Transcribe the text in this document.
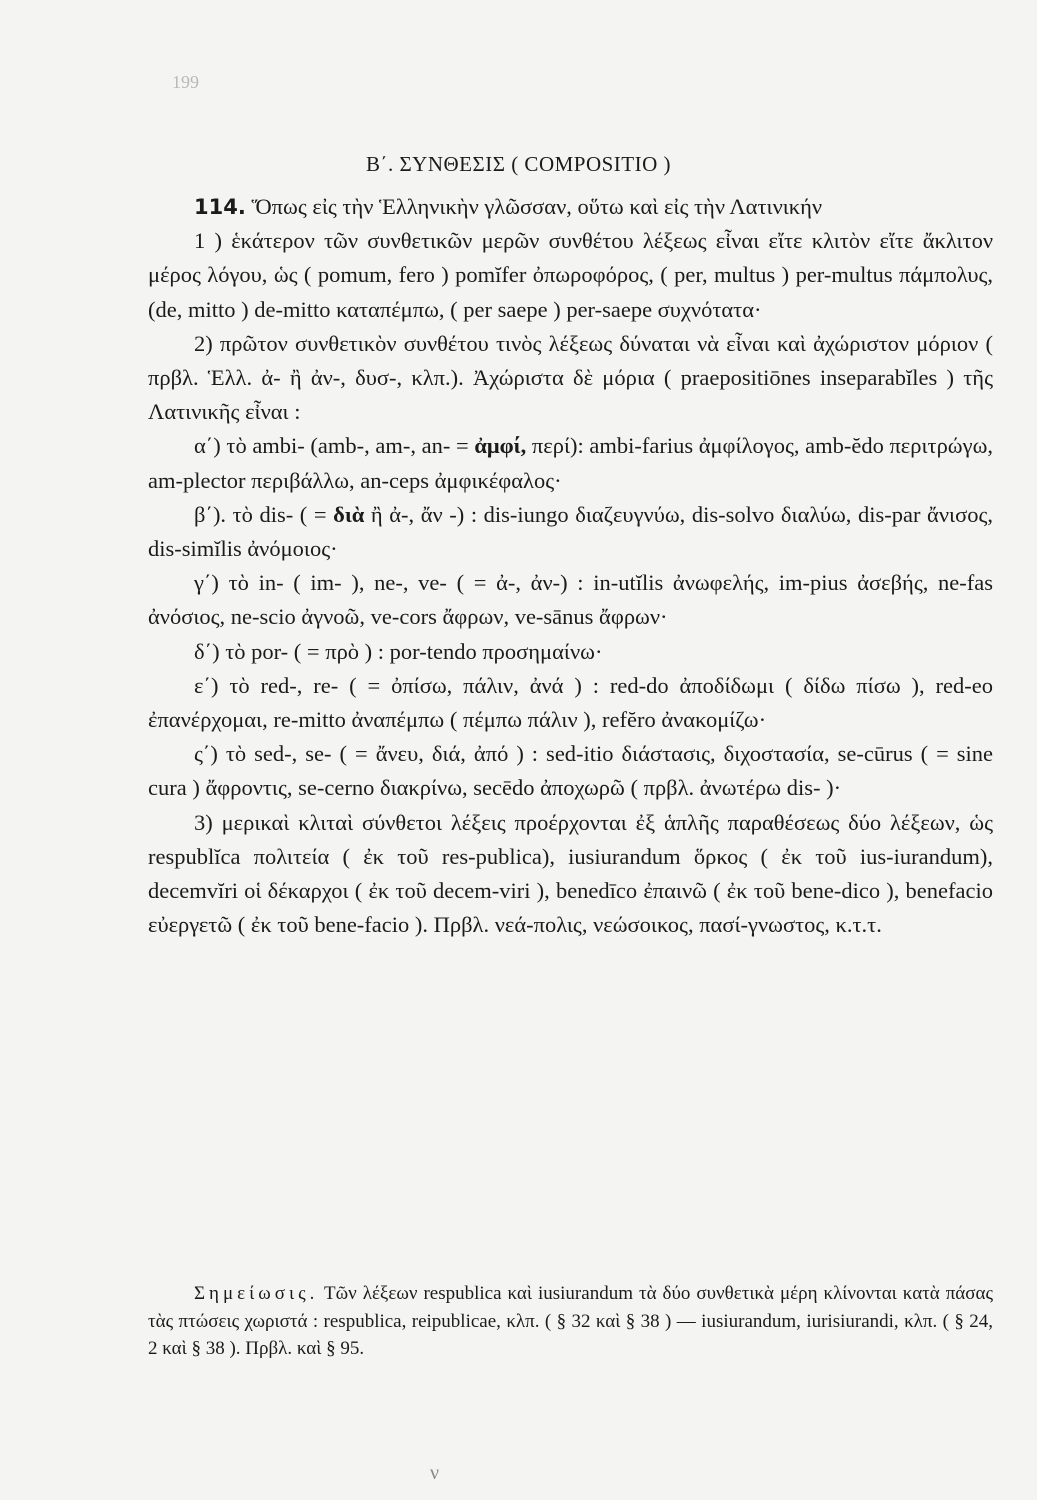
199
Β΄. ΣΥΝΘΕΣΙΣ ( COMPOSITIO )

114. Ὅπως εἰς τὴν Ἑλληνικὴν γλῶσσαν, οὕτω καὶ εἰς τὴν Λατινικήν

1 ) ἑκάτερον τῶν συνθετικῶν μερῶν συνθέτου λέξεως εἶναι εἴτε κλιτὸν εἴτε ἄκλιτον μέρος λόγου, ὡς ( pomum, fero ) pomĭfer ὀπωροφόρος, ( per, multus ) per-multus πάμπολυς, (de, mitto ) de-mitto καταπέμπω, ( per saepe ) per-saepe συχνότατα·

2) πρῶτον συνθετικὸν συνθέτου τινὸς λέξεως δύναται νὰ εἶναι καὶ ἀχώριστον μόριον ( πρβλ. Ἑλλ. ἀ- ἢ ἀν-, δυσ-, κλπ.). Ἀχώριστα δὲ μόρια ( praepositiōnes inseparabĭles ) τῆς Λατινικῆς εἶναι :

α΄) τὸ ambi- (amb-, am-, an- = ἀμφί, περί): ambi-farius ἀμφίλογος, amb-ĕdo περιτρώγω, am-plector περιβάλλω, an-ceps ἀμφικέφαλος·

β΄). τὸ dis- ( = διὰ ἢ ἀ-, ἄν -) : dis-iungo διαζευγνύω, dis-solvo διαλύω, dis-par ἄνισος, dis-simĭlis ἀνόμοιος·

γ΄) τὸ in- ( im- ), ne-, ve- ( = ἀ-, ἀν-) : in-utĭlis ἀνωφελής, im-pius ἀσεβής, ne-fas ἀνόσιος, ne-scio ἀγνοῶ, ve-cors ἄφρων, ve-sānus ἄφρων·

δ΄) τὸ por- ( = πρὸ ) : por-tendo προσημαίνω·

ε΄) τὸ red-, re- ( = ὀπίσω, πάλιν, ἀνά ) : red-do ἀποδίδωμι ( δίδω πίσω ), red-eo ἐπανέρχομαι, re-mitto ἀναπέμπω ( πέμπω πάλιν ), refĕro ἀνακομίζω·

ς΄) τὸ sed-, se- ( = ἄνευ, διά, ἀπό ) : sed-itio διάστασις, διχοστασία, se-cūrus ( = sine cura ) ἄφροντις, se-cerno διακρίνω, secēdo ἀποχωρῶ ( πρβλ. ἀνωτέρω dis- )·

3) μερικαὶ κλιταὶ σύνθετοι λέξεις προέρχονται ἐξ ἁπλῆς παραθέσεως δύο λέξεων, ὡς respublĭca πολιτεία ( ἐκ τοῦ res-publica), iusiurandum ὅρκος ( ἐκ τοῦ ius-iurandum), decemvĭri οἱ δέκαρχοι ( ἐκ τοῦ decem-viri ), benedīco ἐπαινῶ ( ἐκ τοῦ bene-dico ), benefacio εὐεργετῶ ( ἐκ τοῦ bene-facio ). Πρβλ. νεά-πολις, νεώσοικος, πασί-γνωστος, κ.τ.τ.

Σημείωσις. Τῶν λέξεων respublica καὶ iusiurandum τὰ δύο συνθετικὰ μέρη κλίνονται κατὰ πάσας τὰς πτώσεις χωριστά : respublica, reipublicae, κλπ. ( § 32 καὶ § 38 ) — iusiurandum, iurisiurandi, κλπ. ( § 24, 2 καὶ § 38 ). Πρβλ. καὶ § 95.

ν
